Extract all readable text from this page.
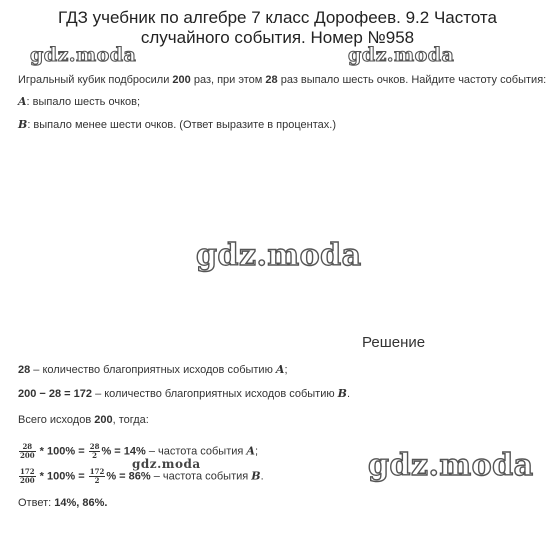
ГДЗ учебник по алгебре 7 класс Дорофеев. 9.2 Частота
случайного события. Номер №958
gdz.moda	gdz.moda
gdz.moda
gdz.moda
gdz.moda
Игральный кубик подбросили 200 раз, при этом 28 раз выпало шесть очков. Найдите частоту события:
A: выпало шесть очков;
B: выпало менее шести очков. (Ответ выразите в процентах.)
Решение
28 – количество благоприятных исходов событию A;
200 − 28 = 172 – количество благоприятных исходов событию B.
Всего исходов 200, тогда:
$\frac{28}{200} * 100\% = \frac{28}{2}$ % = 14% – частота события A;
$\frac{172}{200} * 100\% = \frac{172}{2}$ % = 86% – частота события B.
Ответ: 14%, 86%.
